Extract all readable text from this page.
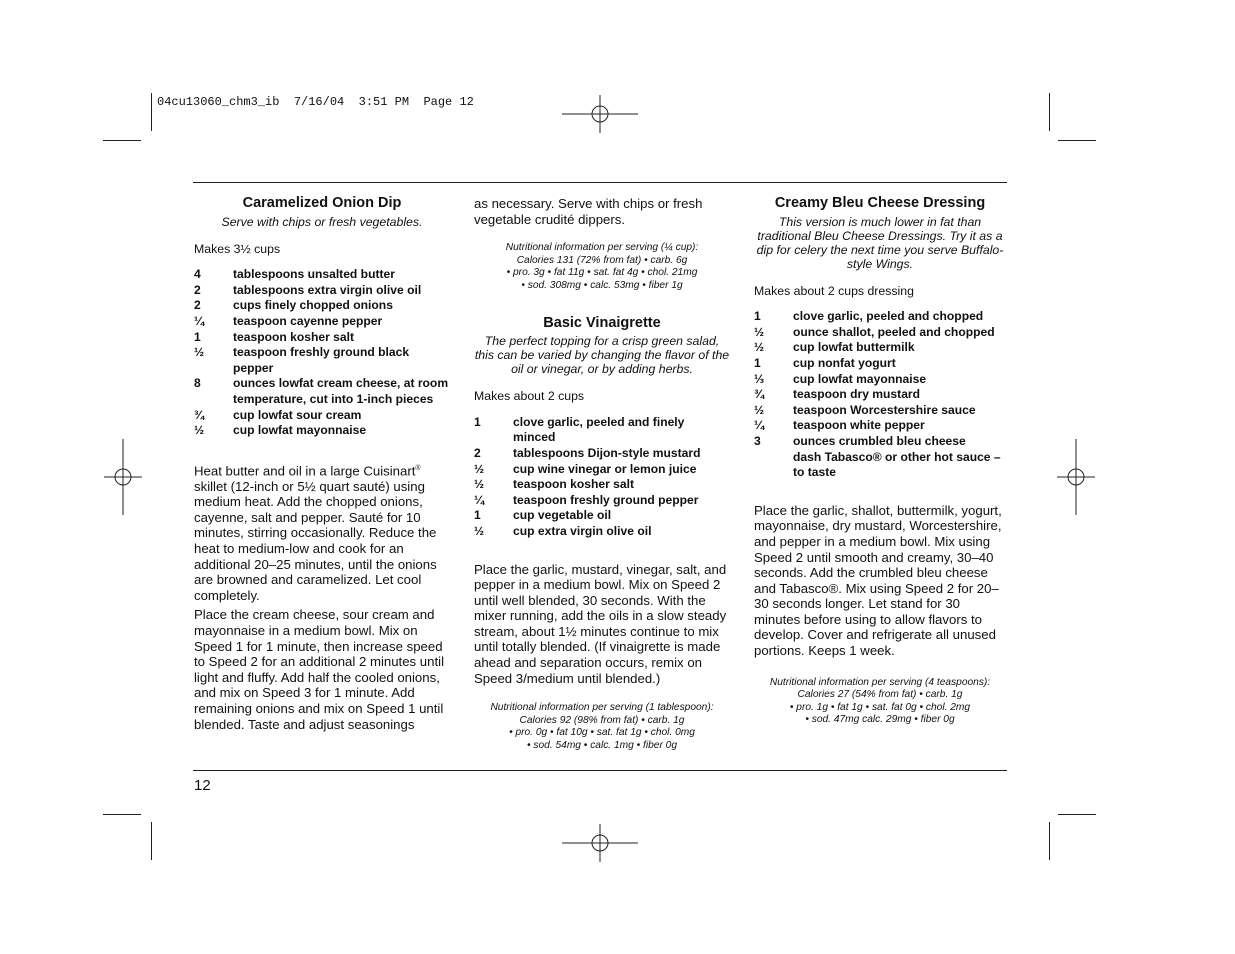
04cu13060_chm3_ib  7/16/04  3:51 PM  Page 12
Caramelized Onion Dip
Serve with chips or fresh vegetables.
Makes 3½ cups
4	tablespoons unsalted butter
2	tablespoons extra virgin olive oil
2	cups finely chopped onions
¼	teaspoon cayenne pepper
1	teaspoon kosher salt
½	teaspoon freshly ground black pepper
8	ounces lowfat cream cheese, at room temperature, cut into 1-inch pieces
¾	cup lowfat sour cream
½	cup lowfat mayonnaise

Heat butter and oil in a large Cuisinart® skillet (12-inch or 5½ quart sauté) using medium heat. Add the chopped onions, cayenne, salt and pepper. Sauté for 10 minutes, stirring occasionally. Reduce the heat to medium-low and cook for an additional 20–25 minutes, until the onions are browned and caramelized. Let cool completely.

Place the cream cheese, sour cream and mayonnaise in a medium bowl. Mix on Speed 1 for 1 minute, then increase speed to Speed 2 for an additional 2 minutes until light and fluffy. Add half the cooled onions, and mix on Speed 3 for 1 minute. Add remaining onions and mix on Speed 1 until blended. Taste and adjust seasonings

as necessary. Serve with chips or fresh vegetable crudité dippers.

Nutritional information per serving (¼ cup):
Calories 131 (72% from fat) • carb. 6g
• pro. 3g • fat 11g • sat. fat 4g • chol. 21mg
• sod. 308mg • calc. 53mg • fiber 1g
Basic Vinaigrette
The perfect topping for a crisp green salad, this can be varied by changing the flavor of the oil or vinegar, or by adding herbs.
Makes about 2 cups
1	clove garlic, peeled and finely minced
2	tablespoons Dijon-style mustard
½	cup wine vinegar or lemon juice
½	teaspoon kosher salt
¼	teaspoon freshly ground pepper
1	cup vegetable oil
½	cup extra virgin olive oil

Place the garlic, mustard, vinegar, salt, and pepper in a medium bowl. Mix on Speed 2 until well blended, 30 seconds. With the mixer running, add the oils in a slow steady stream, about 1½ minutes continue to mix until totally blended. (If vinaigrette is made ahead and separation occurs, remix on Speed 3/medium until blended.)

Nutritional information per serving (1 tablespoon):
Calories 92 (98% from fat) • carb. 1g
• pro. 0g • fat 10g • sat. fat 1g • chol. 0mg
• sod. 54mg • calc. 1mg • fiber 0g
Creamy Bleu Cheese Dressing
This version is much lower in fat than traditional Bleu Cheese Dressings. Try it as a dip for celery the next time you serve Buffalo-style Wings.
Makes about 2 cups dressing
1	clove garlic, peeled and chopped
½	ounce shallot, peeled and chopped
½	cup lowfat buttermilk
1	cup nonfat yogurt
⅓	cup lowfat mayonnaise
¾	teaspoon dry mustard
½	teaspoon Worcestershire sauce
¼	teaspoon white pepper
3	ounces crumbled bleu cheese
dash Tabasco® or other hot sauce – to taste

Place the garlic, shallot, buttermilk, yogurt, mayonnaise, dry mustard, Worcestershire, and pepper in a medium bowl. Mix using Speed 2 until smooth and creamy, 30–40 seconds. Add the crumbled bleu cheese and Tabasco®. Mix using Speed 2 for 20–30 seconds longer. Let stand for 30 minutes before using to allow flavors to develop. Cover and refrigerate all unused portions. Keeps 1 week.

Nutritional information per serving (4 teaspoons):
Calories 27 (54% from fat) • carb. 1g
• pro. 1g • fat 1g • sat. fat 0g • chol. 2mg
• sod. 47mg calc. 29mg • fiber 0g
12
